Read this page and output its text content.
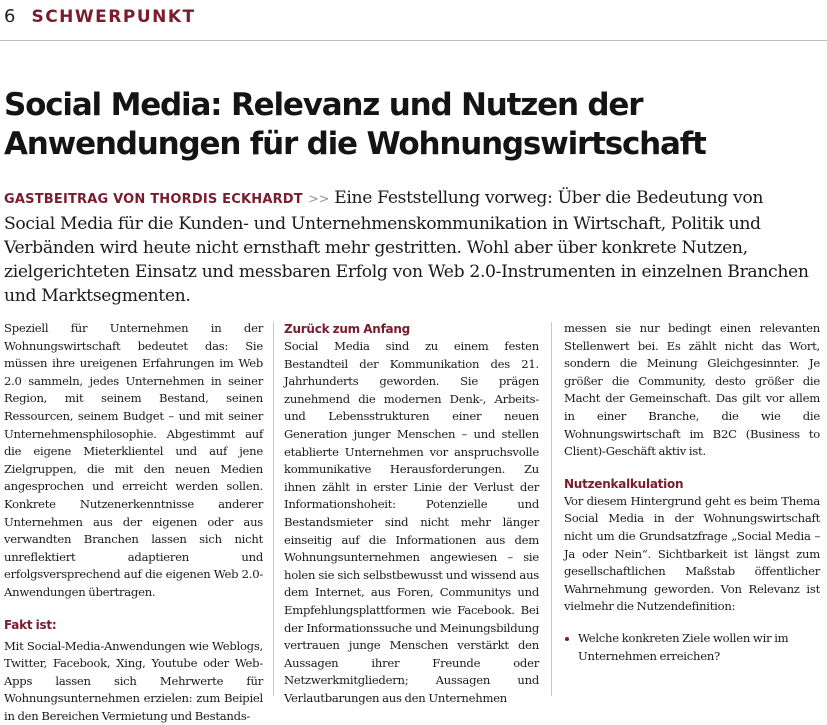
6 SCHWERPUNKT
Social Media: Relevanz und Nutzen der
Anwendungen für die Wohnungswirtschaft

GASTBEITRAG VON THORDIS ECKHARDT >> Eine Feststellung vorweg: Über die Bedeutung von Social Media für die Kunden- und Unternehmenskommunikation in Wirtschaft, Politik und Verbänden wird heute nicht ernsthaft mehr gestritten. Wohl aber über konkrete Nutzen, zielgerichteten Einsatz und messbaren Erfolg von Web 2.0-Instrumenten in einzelnen Branchen und Marktsegmenten.

Speziell für Unternehmen in der Wohnungswirtschaft bedeutet das: Sie müssen ihre ureigenen Erfahrungen im Web 2.0 sammeln, jedes Unternehmen in seiner Region, mit seinem Bestand, seinen Ressourcen, seinem Budget – und mit seiner Unternehmensphilosophie. Abgestimmt auf die eigene Mieterklientel und auf jene Zielgruppen, die mit den neuen Medien angesprochen und erreicht werden sollen. Konkrete Nutzenerkenntnisse anderer Unternehmen aus der eigenen oder aus verwandten Branchen lassen sich nicht unreflektiert adaptieren und erfolgsversprechend auf die eigenen Web 2.0-Anwendungen übertragen.

Fakt ist:

Mit Social-Media-Anwendungen wie Weblogs, Twitter, Facebook, Xing, Youtube oder Web-Apps lassen sich Mehrwerte für Wohnungsunternehmen erzielen: zum Beipiel in den Bereichen Vermietung und Bestands-

Zurück zum Anfang

Social Media sind zu einem festen Bestandteil der Kommunikation des 21. Jahrhunderts geworden. Sie prägen zunehmend die modernen Denk-, Arbeits- und Lebensstrukturen einer neuen Generation junger Menschen – und stellen etablierte Unternehmen vor anspruchsvolle kommunikative Herausforderungen. Zu ihnen zählt in erster Linie der Verlust der Informationshoheit: Potenzielle und Bestandsmieter sind nicht mehr länger einseitig auf die Informationen aus dem Wohnungsunternehmen angewiesen – sie holen sie sich selbstbewusst und wissend aus dem Internet, aus Foren, Communitys und Empfehlungsplattformen wie Facebook. Bei der Informationssuche und Meinungsbildung vertrauen junge Menschen verstärkt den Aussagen ihrer Freunde oder Netzwerkmitgliedern; Aussagen und Verlautbarungen aus den Unternehmen

messen sie nur bedingt einen relevanten Stellenwert bei. Es zählt nicht das Wort, sondern die Meinung Gleichgesinnter. Je größer die Community, desto größer die Macht der Gemeinschaft. Das gilt vor allem in einer Branche, die wie die Wohnungswirtschaft im B2C (Business to Client)-Geschäft aktiv ist.

Nutzenkalkulation

Vor diesem Hintergrund geht es beim Thema Social Media in der Wohnungswirtschaft nicht um die Grundsatzfrage „Social Media – Ja oder Nein“. Sichtbarkeit ist längst zum gesellschaftlichen Maßstab öffentlicher Wahrnehmung geworden. Von Relevanz ist vielmehr die Nutzendefinition:

Welche konkreten Ziele wollen wir im Unternehmen erreichen?
